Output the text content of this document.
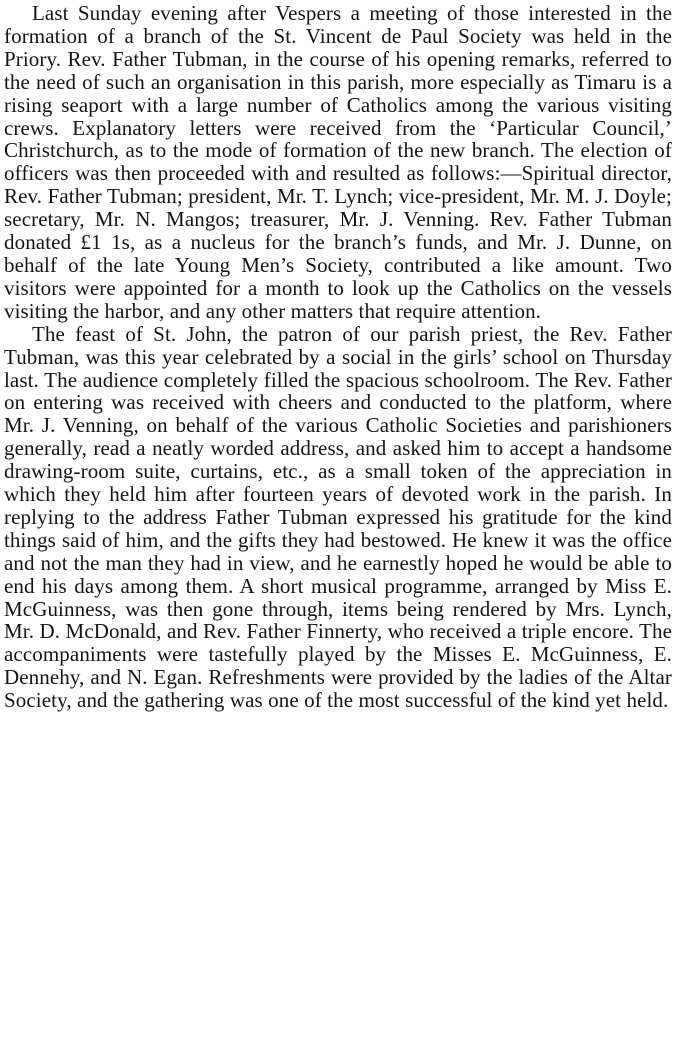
Last Sunday evening after Vespers a meeting of those interested in the formation of a branch of the St. Vincent de Paul Society was held in the Priory. Rev. Father Tubman, in the course of his opening remarks, referred to the need of such an organisation in this parish, more especially as Timaru is a rising seaport with a large number of Catholics among the various visiting crews. Explanatory letters were received from the ‘Particular Council,’ Christchurch, as to the mode of formation of the new branch. The election of officers was then proceeded with and resulted as follows:—Spiritual director, Rev. Father Tubman; president, Mr. T. Lynch; vice-president, Mr. M. J. Doyle; secretary, Mr. N. Mangos; treasurer, Mr. J. Venning. Rev. Father Tubman donated £1 1s, as a nucleus for the branch’s funds, and Mr. J. Dunne, on behalf of the late Young Men’s Society, contributed a like amount. Two visitors were appointed for a month to look up the Catholics on the vessels visiting the harbor, and any other matters that require attention.

The feast of St. John, the patron of our parish priest, the Rev. Father Tubman, was this year celebrated by a social in the girls’ school on Thursday last. The audience completely filled the spacious schoolroom. The Rev. Father on entering was received with cheers and conducted to the platform, where Mr. J. Venning, on behalf of the various Catholic Societies and parishioners generally, read a neatly worded address, and asked him to accept a handsome drawing-room suite, curtains, etc., as a small token of the appreciation in which they held him after fourteen years of devoted work in the parish. In replying to the address Father Tubman expressed his gratitude for the kind things said of him, and the gifts they had bestowed. He knew it was the office and not the man they had in view, and he earnestly hoped he would be able to end his days among them. A short musical programme, arranged by Miss E. McGuinness, was then gone through, items being rendered by Mrs. Lynch, Mr. D. McDonald, and Rev. Father Finnerty, who received a triple encore. The accompaniments were tastefully played by the Misses E. McGuinness, E. Dennehy, and N. Egan. Refreshments were provided by the ladies of the Altar Society, and the gathering was one of the most successful of the kind yet held.
